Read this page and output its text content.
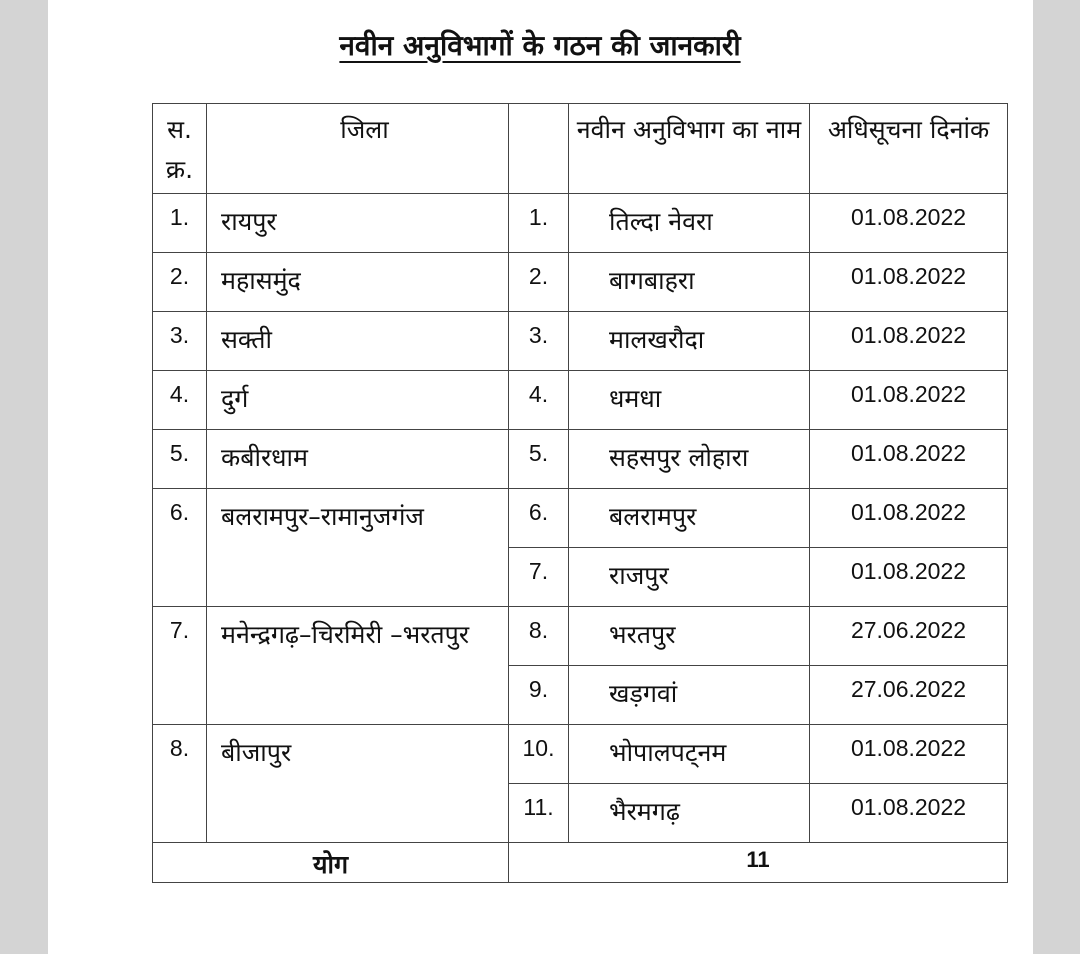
नवीन अनुविभागों के गठन की जानकारी
स. क्र.	जिला		नवीन अनुविभाग का नाम	अधिसूचना दिनांक
1.	रायपुर	1.	तिल्दा नेवरा	01.08.2022
2.	महासमुंद	2.	बागबाहरा	01.08.2022
3.	सक्ती	3.	मालखरौदा	01.08.2022
4.	दुर्ग	4.	धमधा	01.08.2022
5.	कबीरधाम	5.	सहसपुर लोहारा	01.08.2022
6.	बलरामपुर–रामानुजगंज	6.	बलरामपुर	01.08.2022
		7.	राजपुर	01.08.2022
7.	मनेन्द्रगढ़–चिरमिरी –भरतपुर	8.	भरतपुर	27.06.2022
		9.	खड़गवां	27.06.2022
8.	बीजापुर	10.	भोपालपट्नम	01.08.2022
		11.	भैरमगढ़	01.08.2022
योग		11		
